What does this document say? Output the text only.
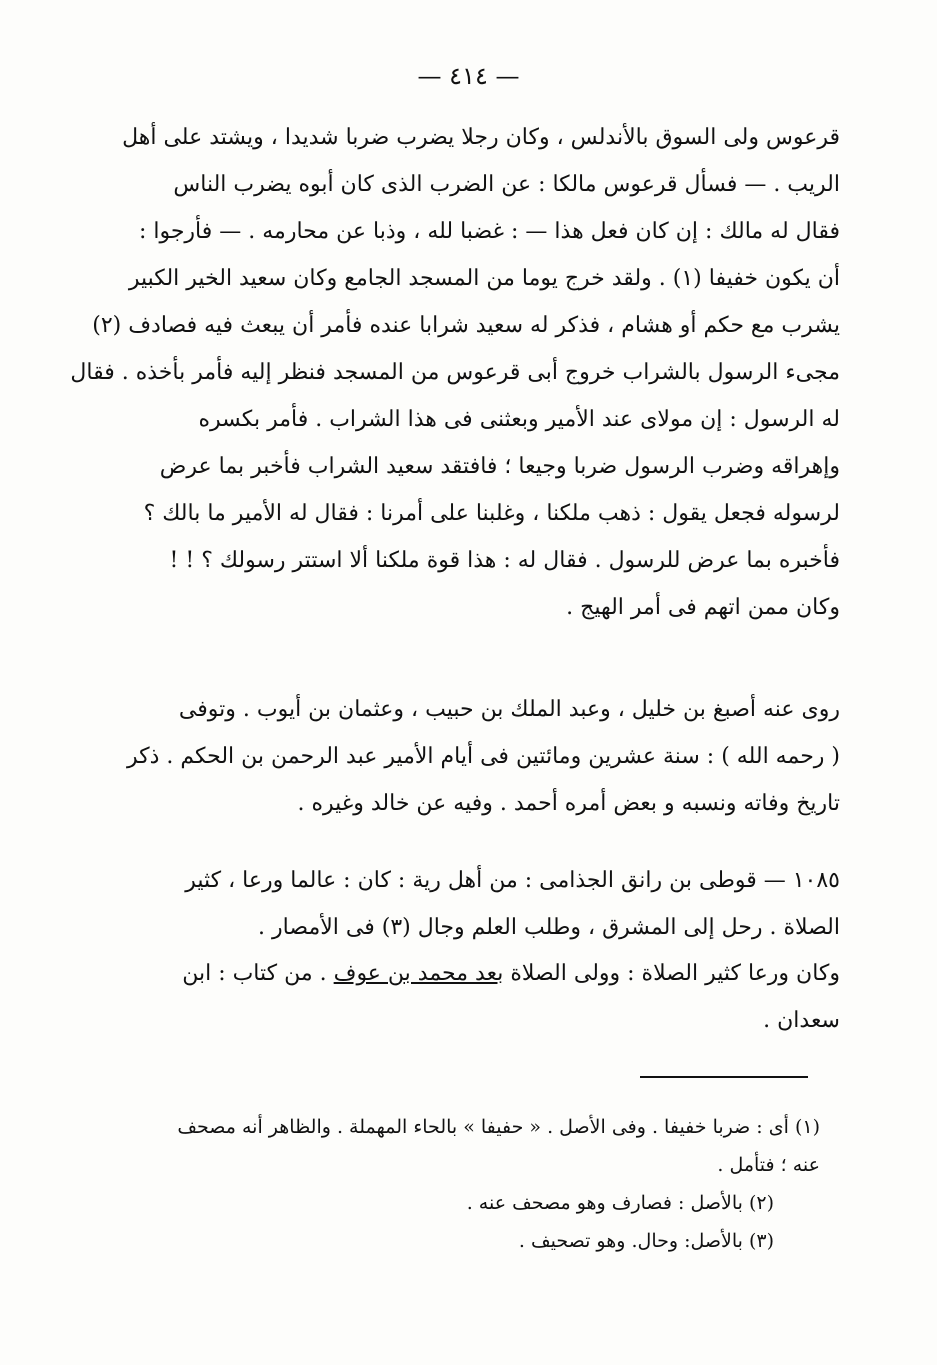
— ٤١٤ —
قرعوس ولى السوق بالأندلس ، وكان رجلا يضرب ضربا شديدا ، ويشتد على أهل
الريب . — فسأل قرعوس مالكا : عن الضرب الذى كان أبوه يضرب الناس
فقال له مالك : إن كان فعل هذا — : غضبا لله ، وذبا عن محارمه . — فأرجوا :
أن يكون خفيفا (١) . ولقد خرج يوما من المسجد الجامع وكان سعيد الخير الكبير
يشرب مع حكم أو هشام ، فذكر له سعيد شرابا عنده فأمر أن يبعث فيه فصادف (٢)
مجىء الرسول بالشراب خروج أبى قرعوس من المسجد فنظر إليه فأمر بأخذه . فقال
له الرسول : إن مولاى عند الأمير وبعثنى فى هذا الشراب . فأمر بكسره
وإهراقه وضرب الرسول ضربا وجيعا ؛ فافتقد سعيد الشراب فأخبر بما عرض
لرسوله فجعل يقول : ذهب ملكنا ، وغلبنا على أمرنا : فقال له الأمير ما بالك ؟
فأخبره بما عرض للرسول . فقال له : هذا قوة ملكنا ألا استتر رسولك ؟ ! !
وكان ممن اتهم فى أمر الهيج .
روى عنه أصبغ بن خليل ، وعبد الملك بن حبيب ، وعثمان بن أيوب . وتوفى
( رحمه الله ) : سنة عشرين ومائتين فى أيام الأمير عبد الرحمن بن الحكم . ذكر
تاريخ وفاته ونسبه و بعض أمره أحمد . وفيه عن خالد وغيره .
١٠٨٥ — قوطى بن رانق الجذامى : من أهل رية : كان : عالما ورعا ، كثير
الصلاة . رحل إلى المشرق ، وطلب العلم وجال (٣) فى الأمصار .
وكان ورعا كثير الصلاة : وولى الصلاة بعد محمد بن عوف . من كتاب : ابن
سعدان .
(١) أى : ضربا خفيفا . وفى الأصل . « حفيفا » بالحاء المهملة . والظاهر أنه مصحف
عنه ؛ فتأمل .
(٢) بالأصل : فصارف وهو مصحف عنه .
(٣) بالأصل: وحال. وهو تصحيف .
